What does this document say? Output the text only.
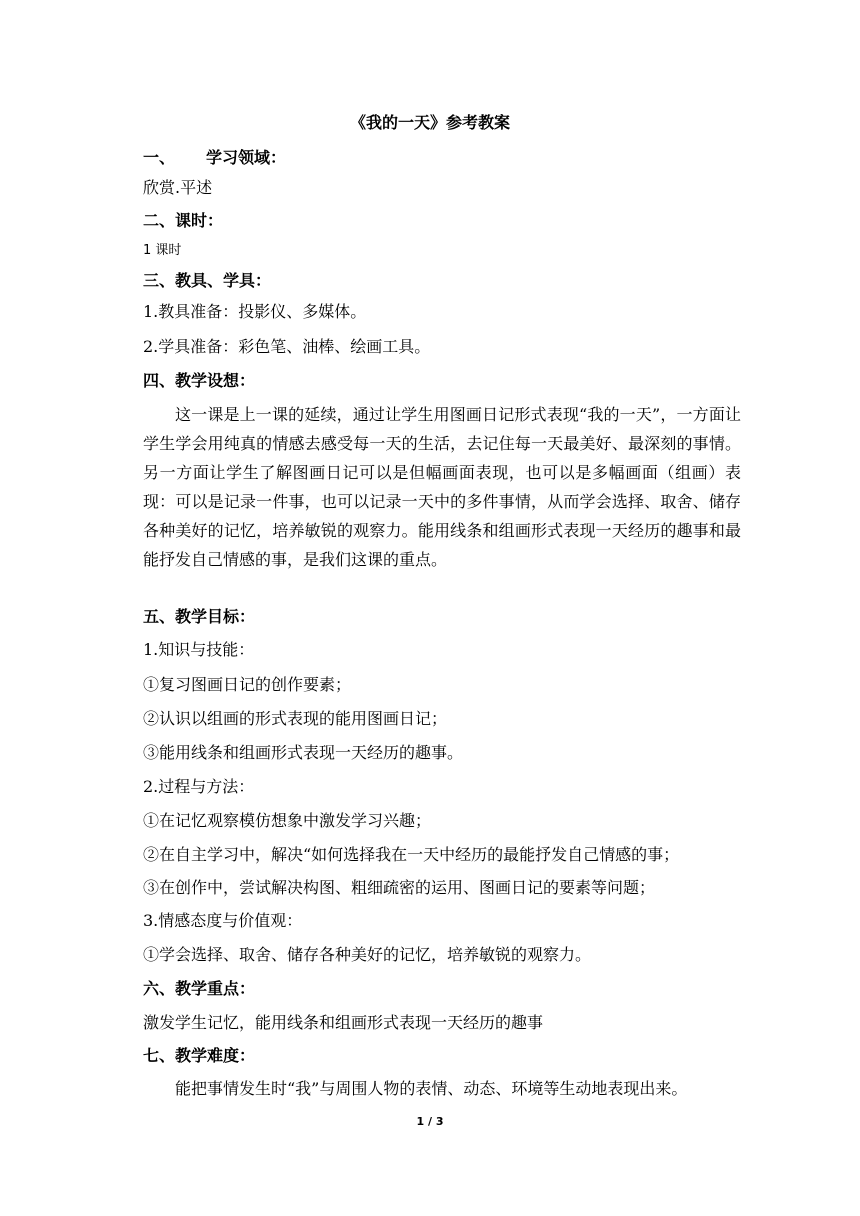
《我的一天》参考教案
一、 学习领域：
欣赏.平述
二、课时：
1 课时
三、教具、学具：
1.教具准备：投影仪、多媒体。
2.学具准备：彩色笔、油棒、绘画工具。
四、教学设想：
这一课是上一课的延续，通过让学生用图画日记形式表现“我的一天”，一方面让学生学会用纯真的情感去感受每一天的生活，去记住每一天最美好、最深刻的事情。另一方面让学生了解图画日记可以是但幅画面表现，也可以是多幅画面（组画）表现：可以是记录一件事，也可以记录一天中的多件事情，从而学会选择、取舍、储存各种美好的记忆，培养敏锐的观察力。能用线条和组画形式表现一天经历的趣事和最能抒发自己情感的事，是我们这课的重点。
五、教学目标：
1.知识与技能：
①复习图画日记的创作要素；
②认识以组画的形式表现的能用图画日记；
③能用线条和组画形式表现一天经历的趣事。
2.过程与方法：
①在记忆观察模仿想象中激发学习兴趣；
②在自主学习中，解决“如何选择我在一天中经历的最能抒发自己情感的事；
③在创作中，尝试解决构图、粗细疏密的运用、图画日记的要素等问题；
3.情感态度与价值观：
①学会选择、取舍、储存各种美好的记忆，培养敏锐的观察力。
六、教学重点：
激发学生记忆，能用线条和组画形式表现一天经历的趣事
七、教学难度：
能把事情发生时“我”与周围人物的表情、动态、环境等生动地表现出来。
1 / 3
